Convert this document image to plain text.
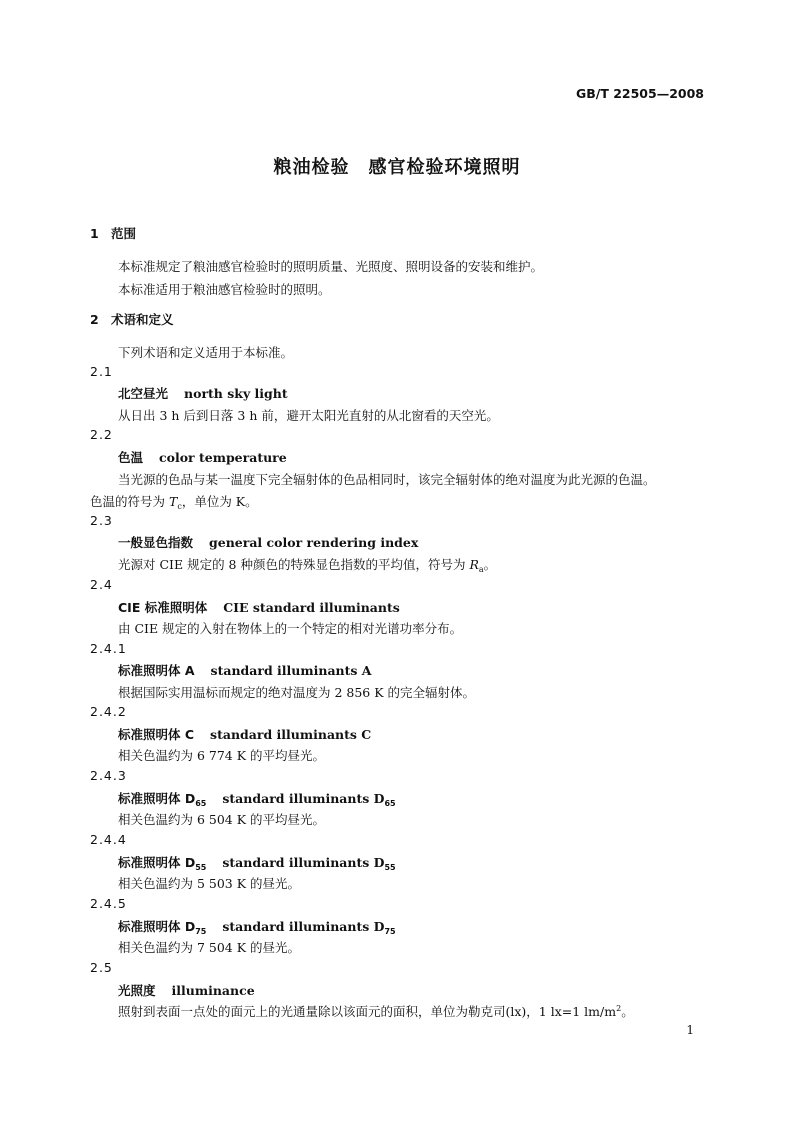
GB/T 22505—2008
粮油检验　感官检验环境照明
1 范围
本标准规定了粮油感官检验时的照明质量、光照度、照明设备的安装和维护。
本标准适用于粮油感官检验时的照明。
2 术语和定义
下列术语和定义适用于本标准。
2.1
北空昼光 north sky light
从日出 3 h 后到日落 3 h 前，避开太阳光直射的从北窗看的天空光。
2.2
色温 color temperature
当光源的色品与某一温度下完全辐射体的色品相同时，该完全辐射体的绝对温度为此光源的色温。
色温的符号为 $T_c$，单位为 K。
2.3
一般显色指数 general color rendering index
光源对 CIE 规定的 8 种颜色的特殊显色指数的平均值，符号为 $R_a$。
2.4
CIE 标准照明体 CIE standard illuminants
由 CIE 规定的入射在物体上的一个特定的相对光谱功率分布。
2.4.1
标准照明体 A standard illuminants A
根据国际实用温标而规定的绝对温度为 2 856 K 的完全辐射体。
2.4.2
标准照明体 C standard illuminants C
相关色温约为 6 774 K 的平均昼光。
2.4.3
标准照明体 $D_{65}$ standard illuminants $D_{65}$
相关色温约为 6 504 K 的平均昼光。
2.4.4
标准照明体 $D_{55}$ standard illuminants $D_{55}$
相关色温约为 5 503 K 的昼光。
2.4.5
标准照明体 $D_{75}$ standard illuminants $D_{75}$
相关色温约为 7 504 K 的昼光。
2.5
光照度 illuminance
照射到表面一点处的面元上的光通量除以该面元的面积，单位为勒克司(lx)，1 lx=1 $lm/m^2$。
1
